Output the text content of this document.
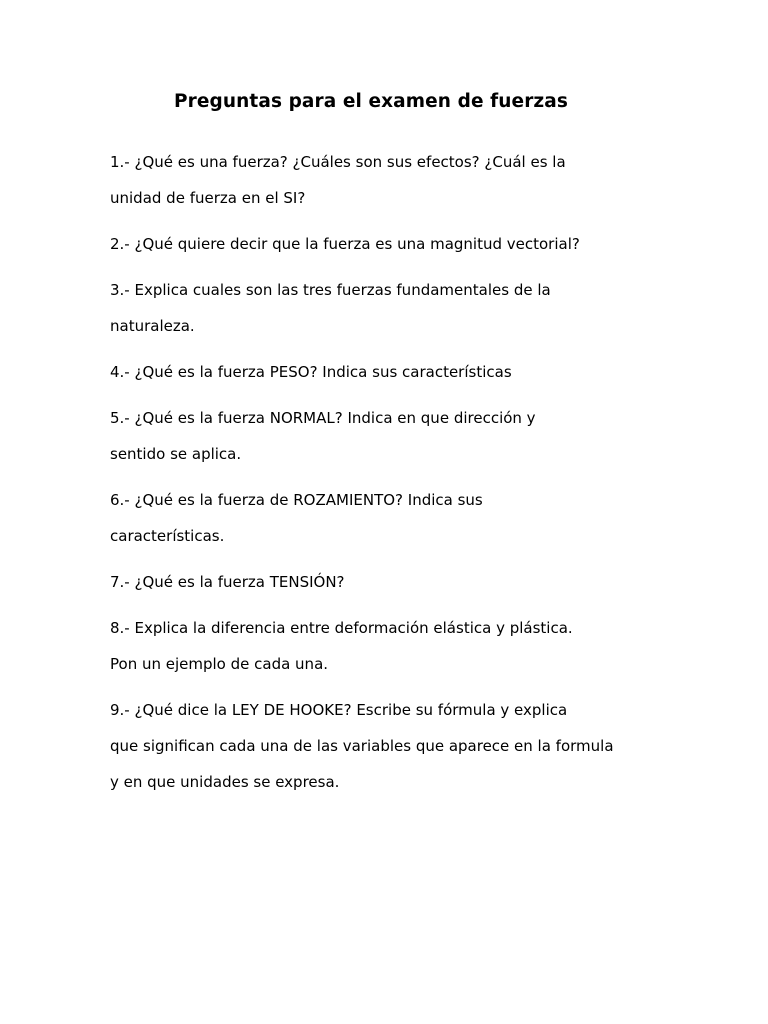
Preguntas para el examen de fuerzas
1.- ¿Qué es una fuerza? ¿Cuáles son sus efectos? ¿Cuál es la
unidad de fuerza en el SI?
2.- ¿Qué quiere decir que la fuerza es una magnitud vectorial?
3.- Explica cuales son las tres fuerzas fundamentales de la
naturaleza.
4.- ¿Qué es la fuerza PESO? Indica sus características
5.- ¿Qué es la fuerza NORMAL? Indica en que dirección y
sentido se aplica.
6.- ¿Qué es la fuerza de ROZAMIENTO? Indica sus
características.
7.- ¿Qué es la fuerza TENSIÓN?
8.- Explica la diferencia entre deformación elástica y plástica.
Pon un ejemplo de cada una.
9.- ¿Qué dice la LEY DE HOOKE? Escribe su fórmula y explica
que significan cada una de las variables que aparece en la formula
y en que unidades se expresa.
